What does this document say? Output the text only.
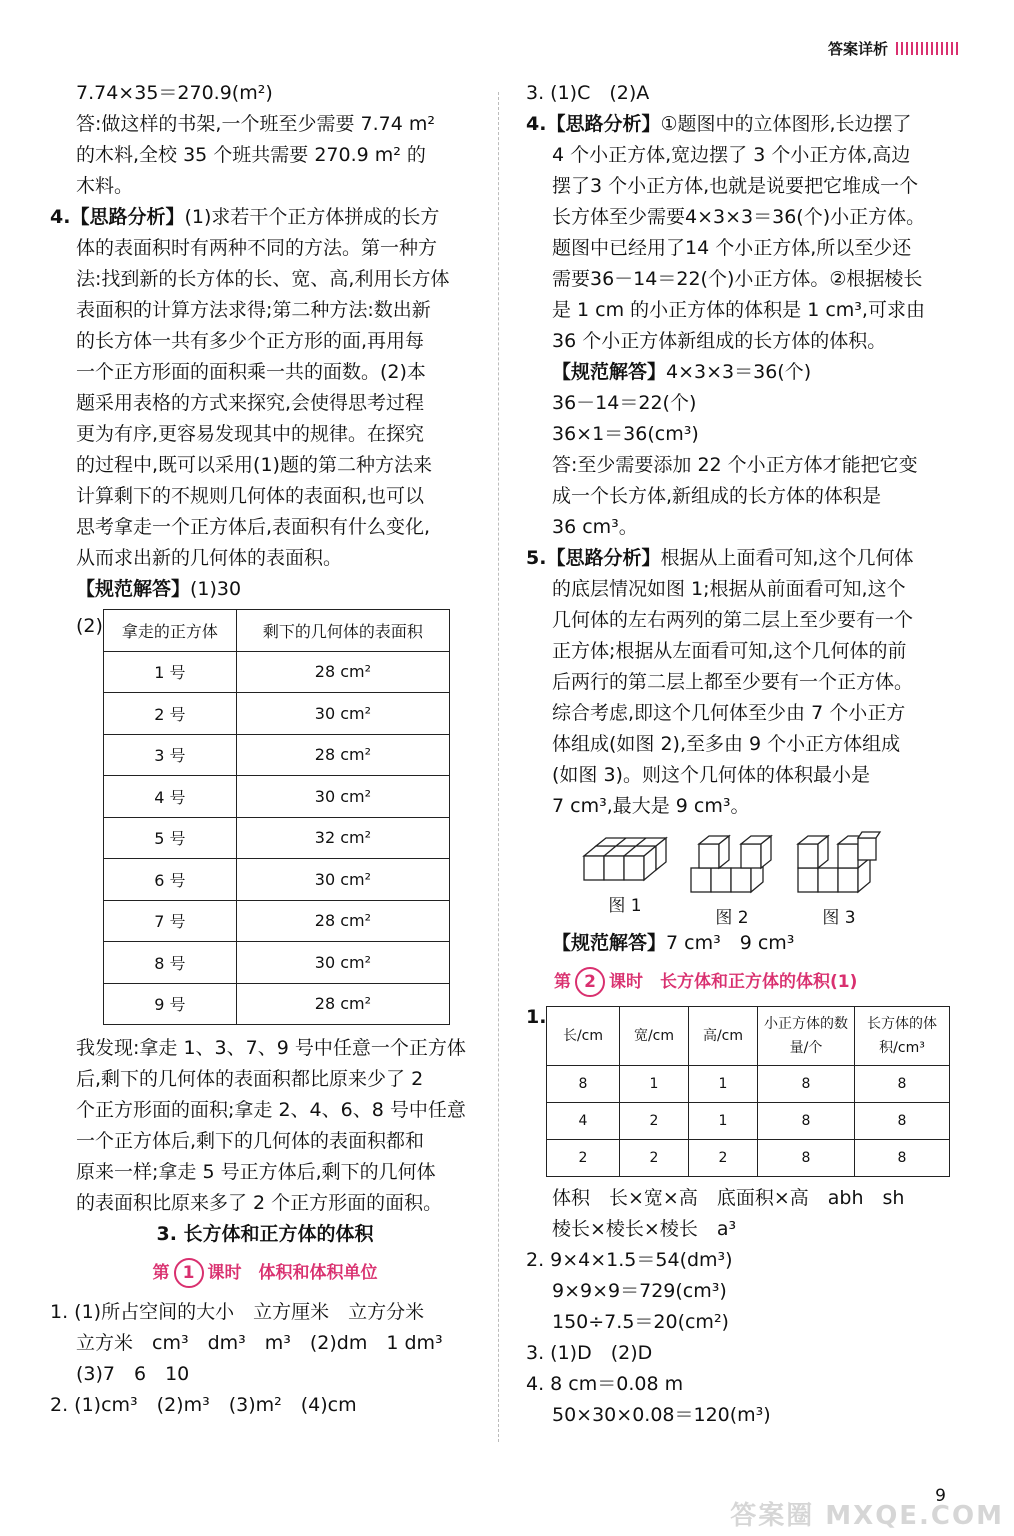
答案详析

7.74×35＝270.9(m²)

答:做这样的书架,一个班至少需要 7.74 m²

的木料,全校 35 个班共需要 270.9 m² 的

木料。

4.【思路分析】(1)求若干个正方体拼成的长方

体的表面积时有两种不同的方法。第一种方

法:找到新的长方体的长、宽、高,利用长方体

表面积的计算方法求得;第二种方法:数出新

的长方体一共有多少个正方形的面,再用每

一个正方形面的面积乘一共的面数。(2)本

题采用表格的方式来探究,会使得思考过程

更为有序,更容易发现其中的规律。在探究

的过程中,既可以采用(1)题的第二种方法来

计算剩下的不规则几何体的表面积,也可以

思考拿走一个正方体后,表面积有什么变化,

从而求出新的几何体的表面积。

【规范解答】(1)30

(2) 拿走的正方体	剩下的几何体的表面积
1 号	28 cm²
2 号	30 cm²
3 号	28 cm²
4 号	30 cm²
5 号	32 cm²
6 号	30 cm²
7 号	28 cm²
8 号	30 cm²
9 号	28 cm²

我发现:拿走 1、3、7、9 号中任意一个正方体

后,剩下的几何体的表面积都比原来少了 2

个正方形面的面积;拿走 2、4、6、8 号中任意

一个正方体后,剩下的几何体的表面积都和

原来一样;拿走 5 号正方体后,剩下的几何体

的表面积比原来多了 2 个正方形面的面积。

3. 长方体和正方体的体积

第 1 课时　体积和体积单位

1. (1)所占空间的大小　立方厘米　立方分米

立方米　cm³　dm³　m³　(2)dm　1 dm³

(3)7　6　10

2. (1)cm³　(2)m³　(3)m²　(4)cm

3. (1)C　(2)A

4.【思路分析】①题图中的立体图形,长边摆了

4 个小正方体,宽边摆了 3 个小正方体,高边

摆了3 个小正方体,也就是说要把它堆成一个

长方体至少需要4×3×3＝36(个)小正方体。

题图中已经用了14 个小正方体,所以至少还

需要36－14＝22(个)小正方体。②根据棱长

是 1 cm 的小正方体的体积是 1 cm³,可求由

36 个小正方体新组成的长方体的体积。

【规范解答】4×3×3＝36(个)

36－14＝22(个)

36×1＝36(cm³)

答:至少需要添加 22 个小正方体才能把它变

成一个长方体,新组成的长方体的体积是

36 cm³。

5.【思路分析】根据从上面看可知,这个几何体

的底层情况如图 1;根据从前面看可知,这个

几何体的左右两列的第二层上至少要有一个

正方体;根据从左面看可知,这个几何体的前

后两行的第二层上都至少要有一个正方体。

综合考虑,即这个几何体至少由 7 个小正方

体组成(如图 2),至多由 9 个小正方体组成

(如图 3)。则这个几何体的体积最小是

7 cm³,最大是 9 cm³。

图 1
图 2	图 3

【规范解答】7 cm³　9 cm³

第 2 课时　长方体和正方体的体积(1)

1.
长/cm	宽/cm	高/cm	小正方体的数量/个	长方体的体积/cm³
8	1	1	8	8
4	2	1	8	8
2	2	2	8	8

体积　长×宽×高　底面积×高　abh　sh

棱长×棱长×棱长　a³

2. 9×4×1.5＝54(dm³)

9×9×9＝729(cm³)

150÷7.5＝20(cm²)

3. (1)D　(2)D

4. 8 cm＝0.08 m

50×30×0.08＝120(m³)

9
答案圈 MXQE.COM
